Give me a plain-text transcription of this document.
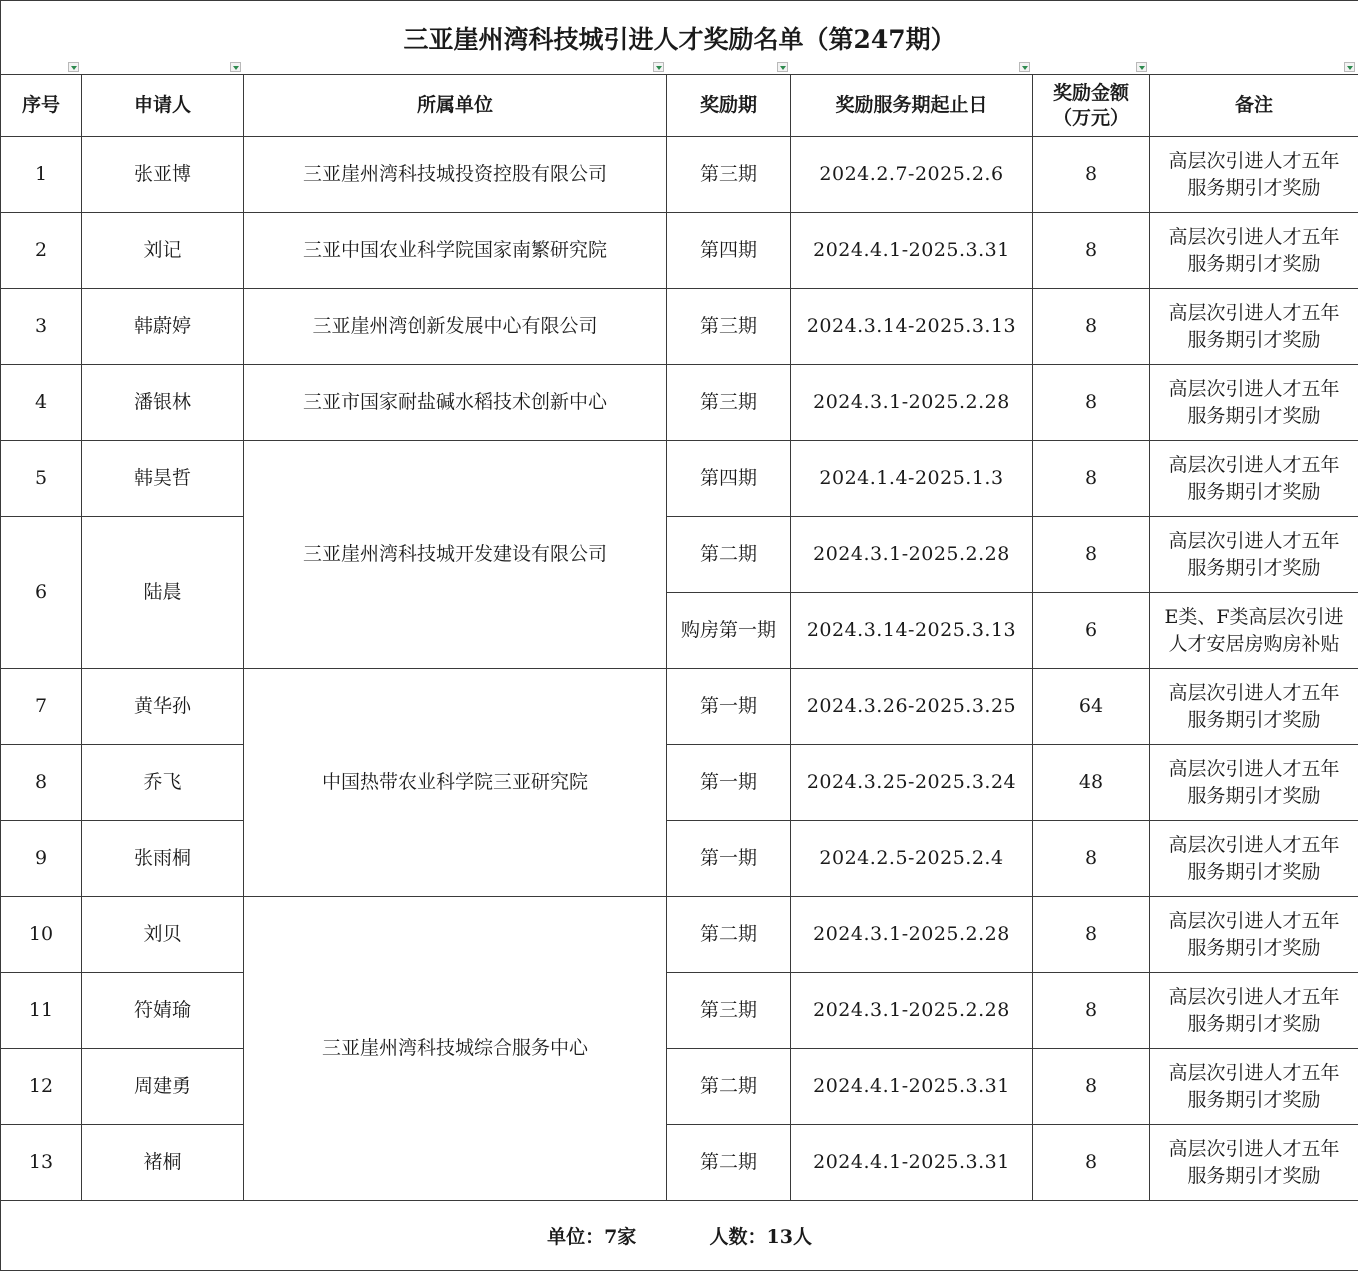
三亚崖州湾科技城引进人才奖励名单（第247期）						

序号	申请人	所属单位	奖励期	奖励服务期起止日	奖励金额
（万元）	备注
1	张亚博	三亚崖州湾科技城投资控股有限公司	第三期	2024.2.7-2025.2.6	8	高层次引进人才五年
服务期引才奖励

2	刘记	三亚中国农业科学院国家南繁研究院	第四期	2024.4.1-2025.3.31	8	高层次引进人才五年
服务期引才奖励

3	韩蔚婷	三亚崖州湾创新发展中心有限公司	第三期	2024.3.14-2025.3.13	8	高层次引进人才五年
服务期引才奖励

4	潘银林	三亚市国家耐盐碱水稻技术创新中心	第三期	2024.3.1-2025.2.28	8	高层次引进人才五年
服务期引才奖励

5	韩昊哲	三亚崖州湾科技城开发建设有限公司	第四期	2024.1.4-2025.1.3	8	高层次引进人才五年
服务期引才奖励

6	陆晨		第二期	2024.3.1-2025.2.28	8	高层次引进人才五年
服务期引才奖励

			购房第一期	2024.3.14-2025.3.13	6	E类、F类高层次引进
人才安居房购房补贴

7	黄华孙	中国热带农业科学院三亚研究院	第一期	2024.3.26-2025.3.25	64	高层次引进人才五年
服务期引才奖励

8	乔飞		第一期	2024.3.25-2025.3.24	48	高层次引进人才五年
服务期引才奖励

9	张雨桐		第一期	2024.2.5-2025.2.4	8	高层次引进人才五年
服务期引才奖励

10	刘贝	三亚崖州湾科技城综合服务中心	第二期	2024.3.1-2025.2.28	8	高层次引进人才五年
服务期引才奖励

11	符婧瑜		第三期	2024.3.1-2025.2.28	8	高层次引进人才五年
服务期引才奖励

12	周建勇		第二期	2024.4.1-2025.3.31	8	高层次引进人才五年
服务期引才奖励

13	褚桐		第二期	2024.4.1-2025.3.31	8	高层次引进人才五年
服务期引才奖励

单位：7家 人数：13人						
